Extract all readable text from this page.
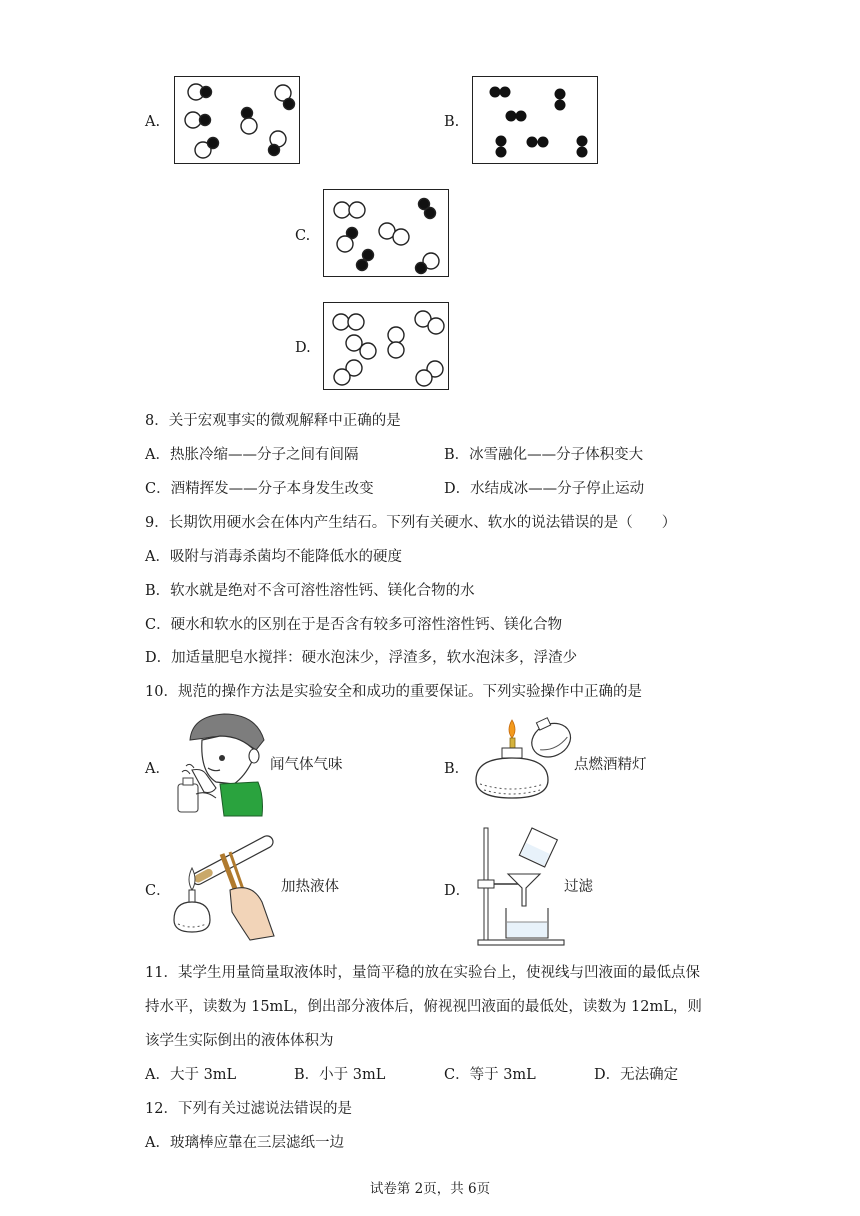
A.	B.
C.
D.
8．关于宏观事实的微观解释中正确的是
A．热胀冷缩——分子之间有间隔	B．冰雪融化——分子体积变大
C．酒精挥发——分子本身发生改变	D．水结成冰——分子停止运动
9．长期饮用硬水会在体内产生结石。下列有关硬水、软水的说法错误的是（　　）
A．吸附与消毒杀菌均不能降低水的硬度
B．软水就是绝对不含可溶性溶性钙、镁化合物的水
C．硬水和软水的区别在于是否含有较多可溶性溶性钙、镁化合物
D．加适量肥皂水搅拌：硬水泡沫少，浮渣多，软水泡沫多，浮渣少
10．规范的操作方法是实验安全和成功的重要保证。下列实验操作中正确的是
A．	闻气体气味	B．	点燃酒精灯
C．	加热液体	D．	过滤
11．某学生用量筒量取液体时，量筒平稳的放在实验台上，使视线与凹液面的最低点保
持水平，读数为 15mL，倒出部分液体后，俯视视凹液面的最低处，读数为 12mL，则
该学生实际倒出的液体体积为
A．大于 3mL	B．小于 3mL	C．等于 3mL	D．无法确定
12．下列有关过滤说法错误的是
A．玻璃棒应靠在三层滤纸一边
试卷第 2页，共 6页
